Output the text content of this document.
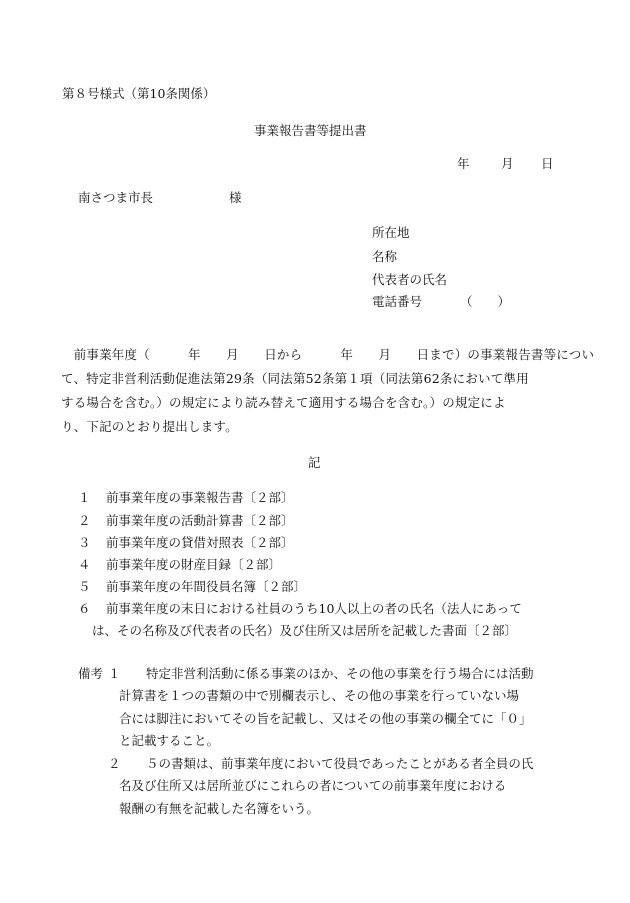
第８号様式（第10条関係）
事業報告書等提出書
年	月 日
南さつま市長	様
所在地
名称
代表者の氏名
電話番号	（　　）
　前事業年度（　　　年　　月　　日から　　　年　　月　　日まで）の事業報告書等につい
て、特定非営利活動促進法第29条（同法第52条第１項（同法第62条において準用
する場合を含む。）の規定により読み替えて適用する場合を含む。）の規定によ
り、下記のとおり提出します。
記
１ 前事業年度の事業報告書〔２部〕
２ 前事業年度の活動計算書〔２部〕
３ 前事業年度の貸借対照表〔２部〕
４ 前事業年度の財産目録〔２部〕
５ 前事業年度の年間役員名簿〔２部〕
６ 前事業年度の末日における社員のうち10人以上の者の氏名（法人にあって
は、その名称及び代表者の氏名）及び住所又は居所を記載した書面〔２部〕
備考 １ 特定非営利活動に係る事業のほか、その他の事業を行う場合には活動
計算書を１つの書類の中で別欄表示し、その他の事業を行っていない場
合には脚注においてその旨を記載し、又はその他の事業の欄全てに「０」
と記載すること。
２ ５の書類は、前事業年度において役員であったことがある者全員の氏
名及び住所又は居所並びにこれらの者についての前事業年度における
報酬の有無を記載した名簿をいう。
